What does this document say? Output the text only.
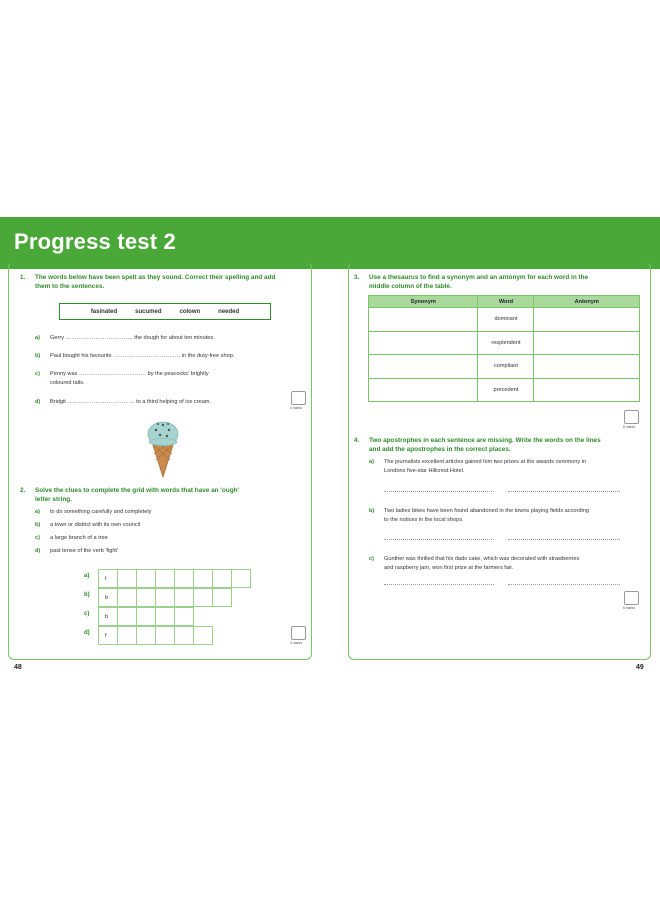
Progress test 2
1. The words below have been spelt as they sound. Correct their spelling and add
them to the sentences.
fasinated	sucumed	colown	needed
a) Gerry ……………………………… the dough for about ten minutes.
b) Paul bought his favourite ……………………………… in the duty-free shop.
c) Penny was ……………………………… by the peacocks' brightly
coloured tails.
d) Bridgit ……………………………… to a third helping of ice cream.
4 marks
2. Solve the clues to complete the grid with words that have an 'ough'
letter string.
a) to do something carefully and completely
b) a town or district with its own council
c) a large branch of a tree
d) past tense of the verb 'fight'
a)	t
b)	b
c)	b
d)	f
4 marks
3. Use a thesaurus to find a synonym and an antonym for each word in the
middle column of the table.
Synonym	Word	Antonym
	dominant	
	resplendent	
	compliant	
	precedent	
8 marks
4. Two apostrophes in each sentence are missing. Write the words on the lines
and add the apostrophes in the correct places.
a) The journalists excellent articles gained him two prizes at the awards ceremony in
Londons five-star Hillcrest Hotel.
b) Two ladies bikes have been found abandoned in the towns playing fields according
to the notices in the local shops.
c) Gunther was thrilled that his dads cake, which was decorated with strawberries
and raspberry jam, won first prize at the farmers fair.
6 marks
48	49
